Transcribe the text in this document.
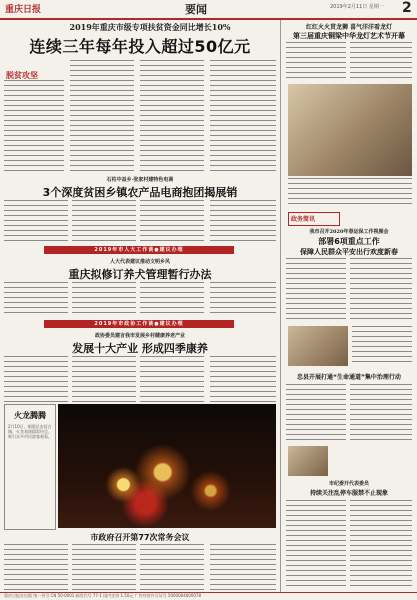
重庆日报	要闻	2019年2月11日 星期一 2
2019年重庆市级专项扶贫资金同比增长10%
连续三年每年投入超过50亿元
脱贫攻坚
红红火火贯龙狮 喜气洋洋看龙灯
第三届重庆铜梁中华龙灯艺术节开幕
石柱中益乡·张家村建特色电商
3个深度贫困乡镇农产品电商抱团揭展销
2019年市人大工作谈●建议办理
人大代表建议推动文明乡风
重庆拟修订养犬管理暂行办法
2019年市政协工作谈●建议办理
政协委员建言我市发展乡村健康养老产业
发展十大产业 形成四季康养
火龙腾腾
2月10日，铜梁区安居古城，火龙表演精彩纷呈，吸引众多市民游客观看。
市政府召开第77次常务会议
政务简讯
我市召开2020年春运保工作视频会
部署6项重点工作
保障人民群众平安出行欢度新春
忠县开展打通“生命通道”集中治理行动
市纪委开代表委员
持续关注乱停车服禁不止现象
重庆日报社出版 统一刊号 CN 50-0001 邮发代号 77-1 国内定价 1.50元 广告经营许可证号 5000004000078
